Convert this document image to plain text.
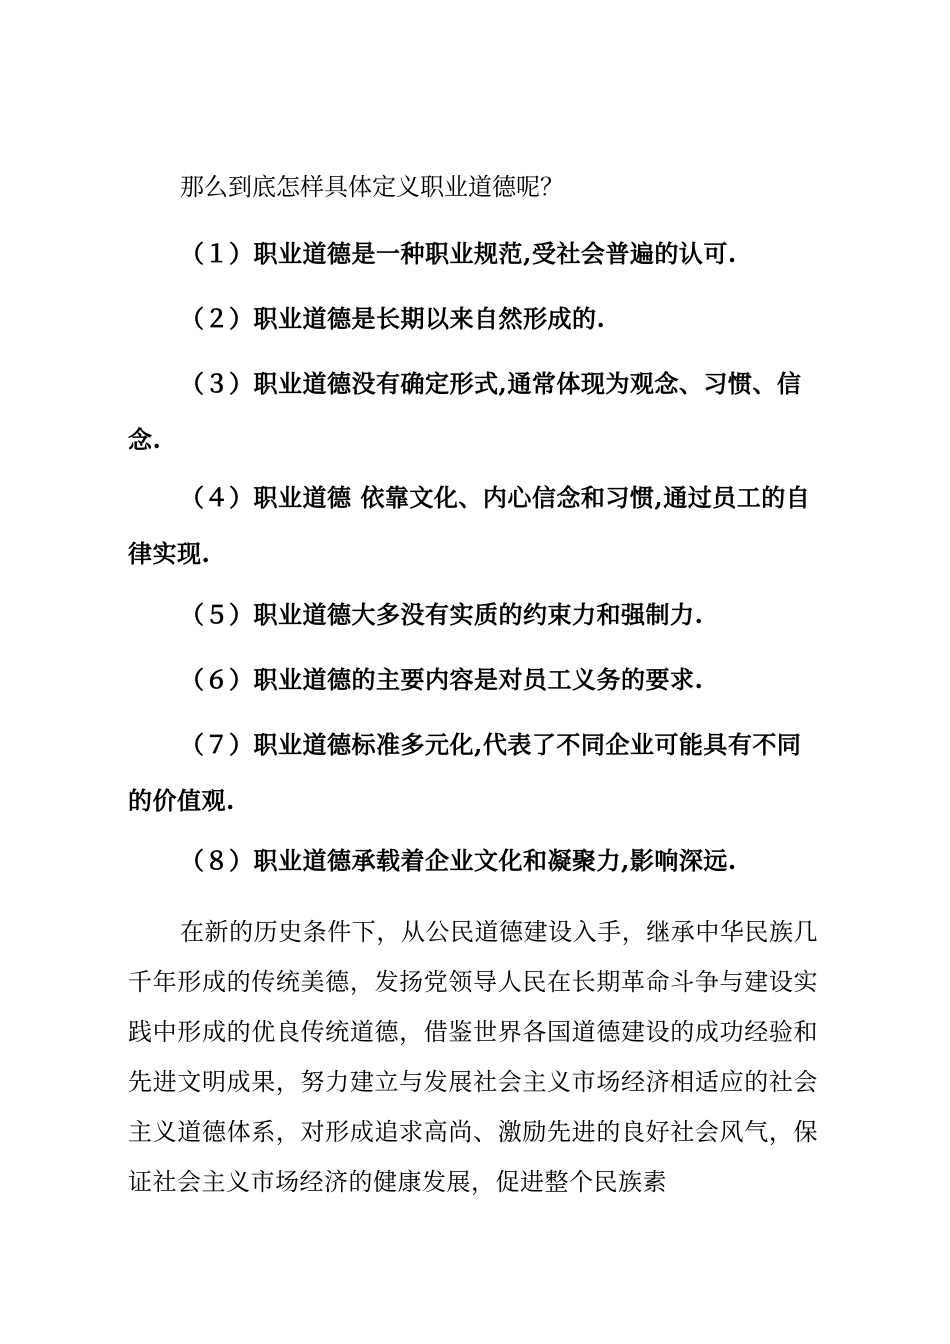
那么到底怎样具体定义职业道德呢？

（１）职业道德是一种职业规范,受社会普遍的认可.

（２）职业道德是长期以来自然形成的.

（３）职业道德没有确定形式,通常体现为观念、习惯、信念.

（４）职业道德 依靠文化、内心信念和习惯,通过员工的自律实现.

（５）职业道德大多没有实质的约束力和强制力.

（６）职业道德的主要内容是对员工义务的要求.

（７）职业道德标准多元化,代表了不同企业可能具有不同的价值观.

（８）职业道德承载着企业文化和凝聚力,影响深远.

在新的历史条件下，从公民道德建设入手，继承中华民族几千年形成的传统美德，发扬党领导人民在长期革命斗争与建设实践中形成的优良传统道德，借鉴世界各国道德建设的成功经验和先进文明成果，努力建立与发展社会主义市场经济相适应的社会主义道德体系，对形成追求高尚、激励先进的良好社会风气，保证社会主义市场经济的健康发展，促进整个民族素
